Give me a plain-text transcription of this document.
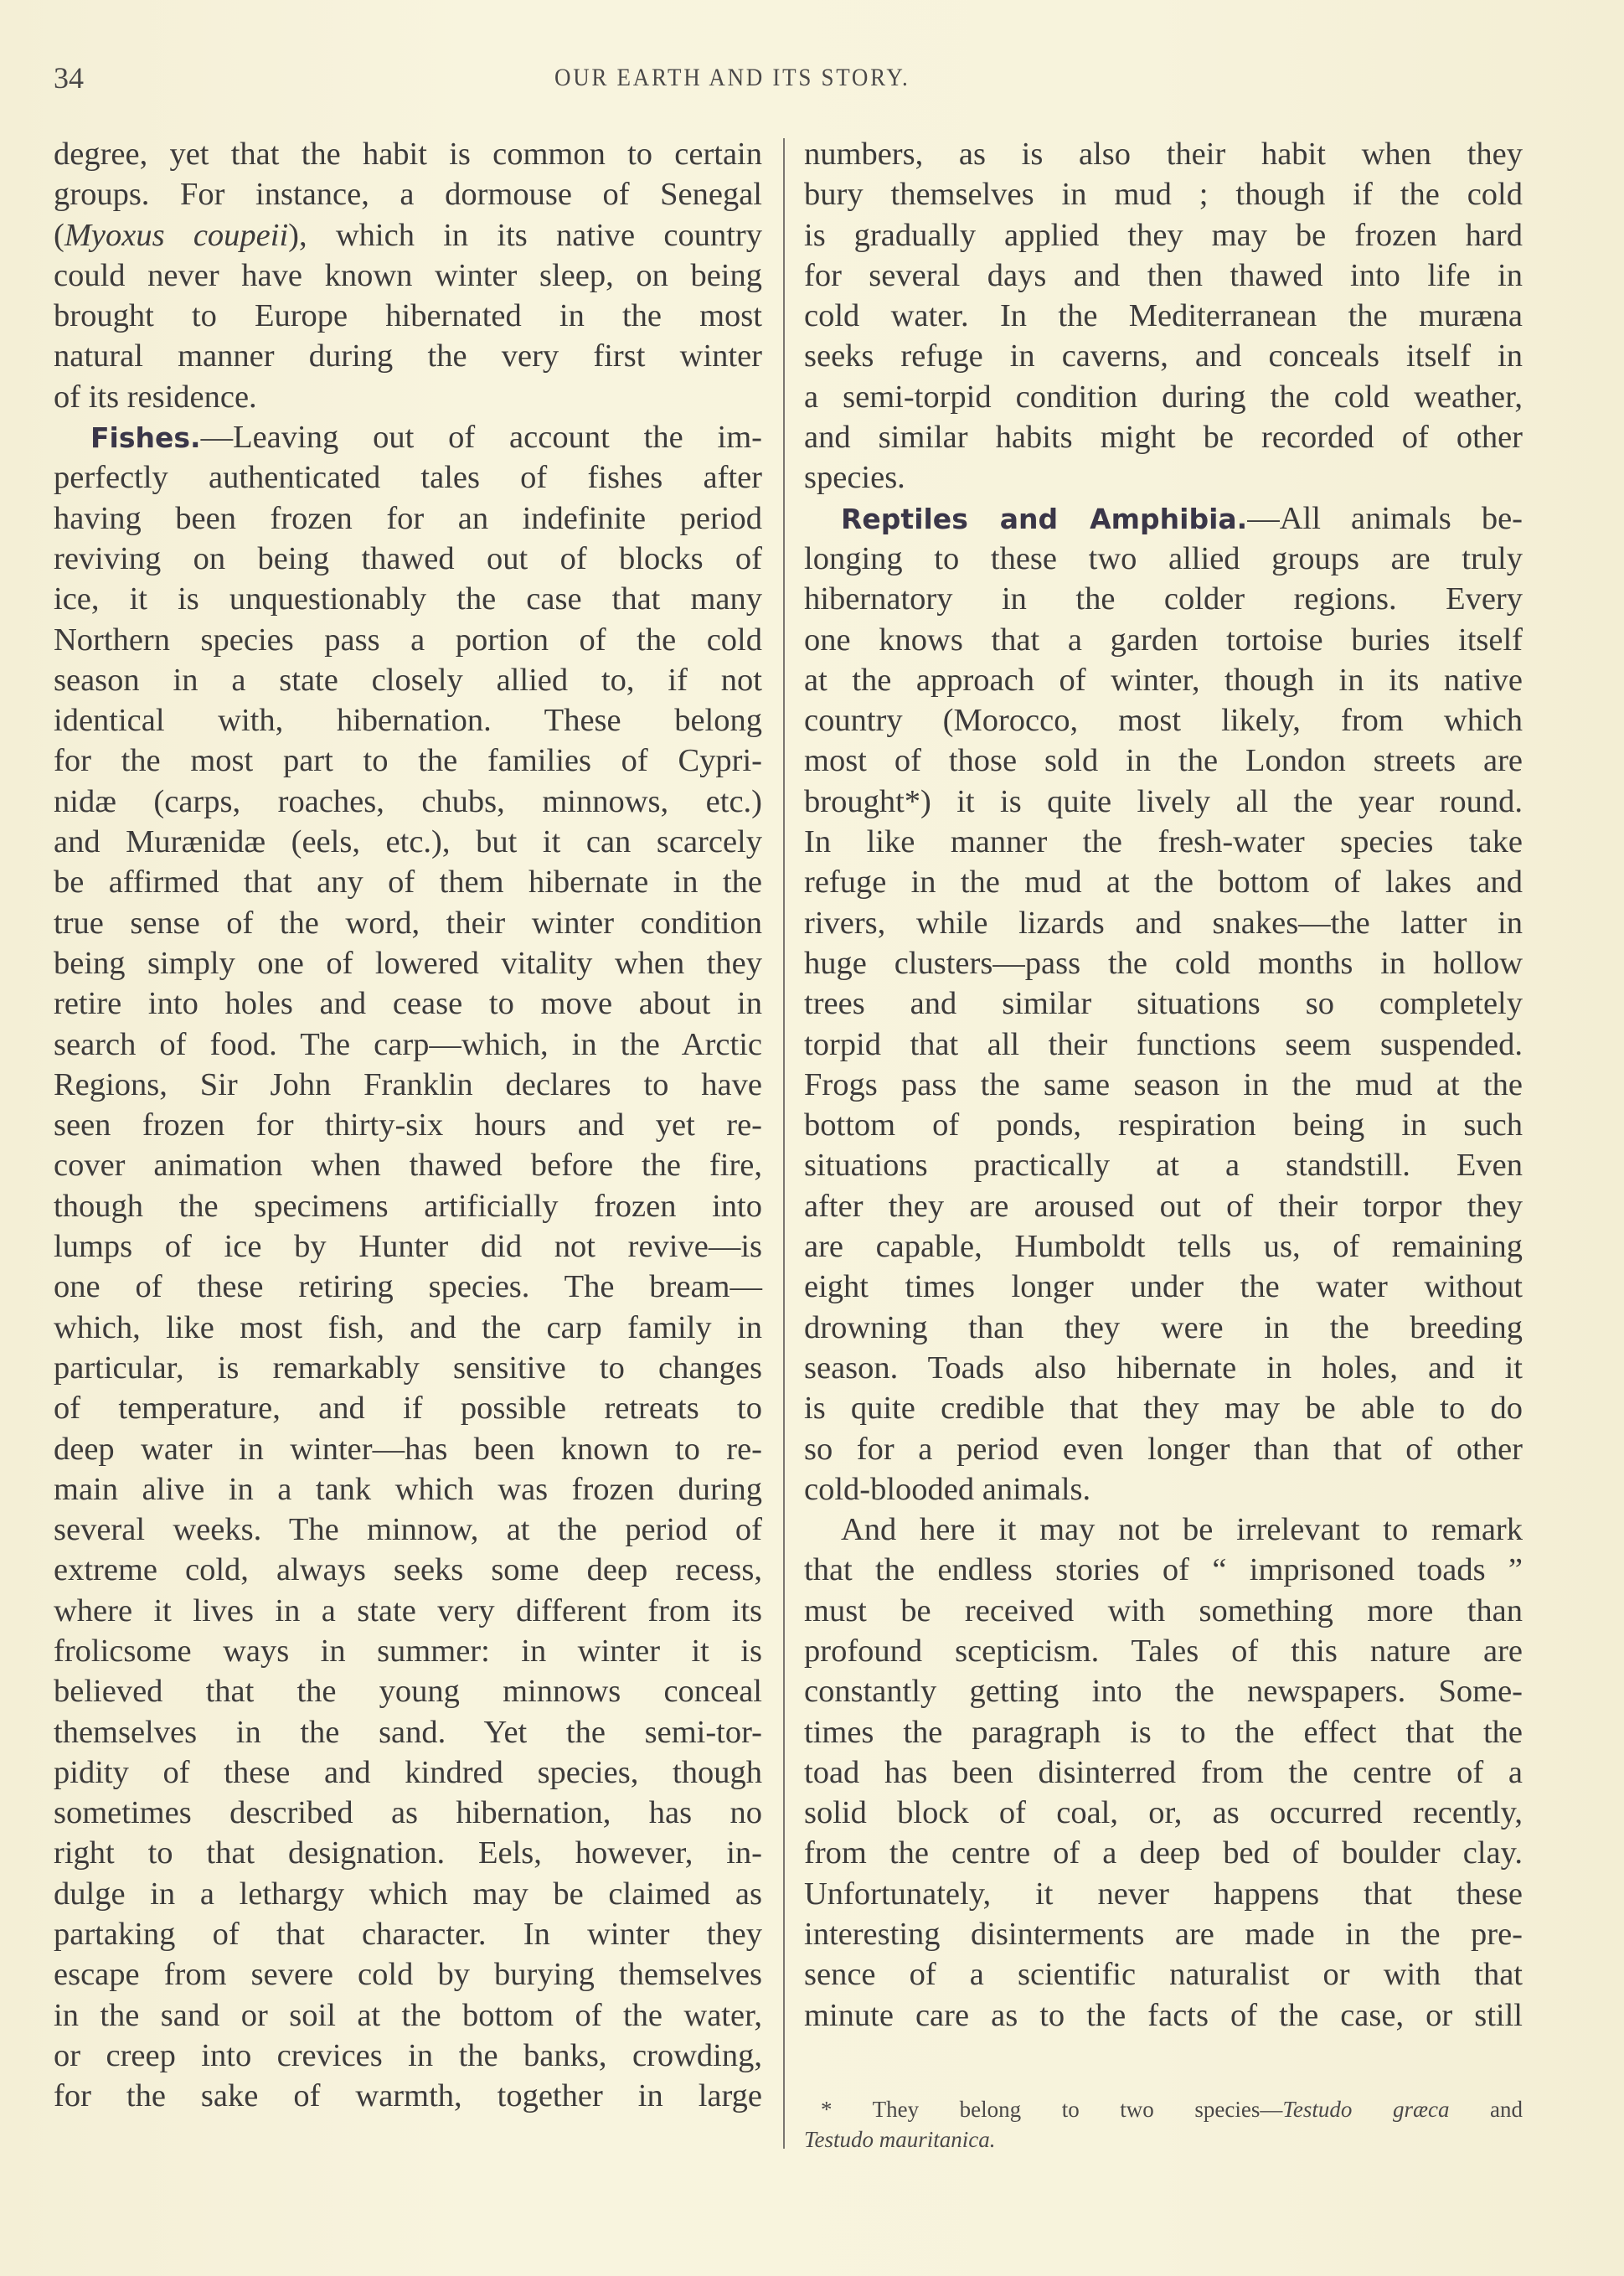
34	OUR EARTH AND ITS STORY.
degree, yet that the habit is common to certain
groups. For instance, a dormouse of Senegal
(Myoxus coupeii), which in its native country
could never have known winter sleep, on being
brought to Europe hibernated in the most
natural manner during the very first winter
of its residence.
Fishes.—Leaving out of account the im-
perfectly authenticated tales of fishes after
having been frozen for an indefinite period
reviving on being thawed out of blocks of
ice, it is unquestionably the case that many
Northern species pass a portion of the cold
season in a state closely allied to, if not
identical with, hibernation. These belong
for the most part to the families of Cypri-
nidæ (carps, roaches, chubs, minnows, etc.)
and Murænidæ (eels, etc.), but it can scarcely
be affirmed that any of them hibernate in the
true sense of the word, their winter condition
being simply one of lowered vitality when they
retire into holes and cease to move about in
search of food. The carp—which, in the Arctic
Regions, Sir John Franklin declares to have
seen frozen for thirty-six hours and yet re-
cover animation when thawed before the fire,
though the specimens artificially frozen into
lumps of ice by Hunter did not revive—is
one of these retiring species. The bream—
which, like most fish, and the carp family in
particular, is remarkably sensitive to changes
of temperature, and if possible retreats to
deep water in winter—has been known to re-
main alive in a tank which was frozen during
several weeks. The minnow, at the period of
extreme cold, always seeks some deep recess,
where it lives in a state very different from its
frolicsome ways in summer: in winter it is
believed that the young minnows conceal
themselves in the sand. Yet the semi-tor-
pidity of these and kindred species, though
sometimes described as hibernation, has no
right to that designation. Eels, however, in-
dulge in a lethargy which may be claimed as
partaking of that character. In winter they
escape from severe cold by burying themselves
in the sand or soil at the bottom of the water,
or creep into crevices in the banks, crowding,
for the sake of warmth, together in large
numbers, as is also their habit when they
bury themselves in mud ; though if the cold
is gradually applied they may be frozen hard
for several days and then thawed into life in
cold water. In the Mediterranean the murænа
seeks refuge in caverns, and conceals itself in
a semi-torpid condition during the cold weather,
and similar habits might be recorded of other
species.
Reptiles and Amphibia.—All animals be-
longing to these two allied groups are truly
hibernatory in the colder regions. Every
one knows that a garden tortoise buries itself
at the approach of winter, though in its native
country (Morocco, most likely, from which
most of those sold in the London streets are
brought*) it is quite lively all the year round.
In like manner the fresh-water species take
refuge in the mud at the bottom of lakes and
rivers, while lizards and snakes—the latter in
huge clusters—pass the cold months in hollow
trees and similar situations so completely
torpid that all their functions seem suspended.
Frogs pass the same season in the mud at the
bottom of ponds, respiration being in such
situations practically at a standstill. Even
after they are aroused out of their torpor they
are capable, Humboldt tells us, of remaining
eight times longer under the water without
drowning than they were in the breeding
season. Toads also hibernate in holes, and it
is quite credible that they may be able to do
so for a period even longer than that of other
cold-blooded animals.
And here it may not be irrelevant to remark
that the endless stories of “ imprisoned toads ”
must be received with something more than
profound scepticism. Tales of this nature are
constantly getting into the newspapers. Some-
times the paragraph is to the effect that the
toad has been disinterred from the centre of a
solid block of coal, or, as occurred recently,
from the centre of a deep bed of boulder clay.
Unfortunately, it never happens that these
interesting disinterments are made in the pre-
sence of a scientific naturalist or with that
minute care as to the facts of the case, or still
* They belong to two species—Testudo græca and
Testudo mauritanica.
